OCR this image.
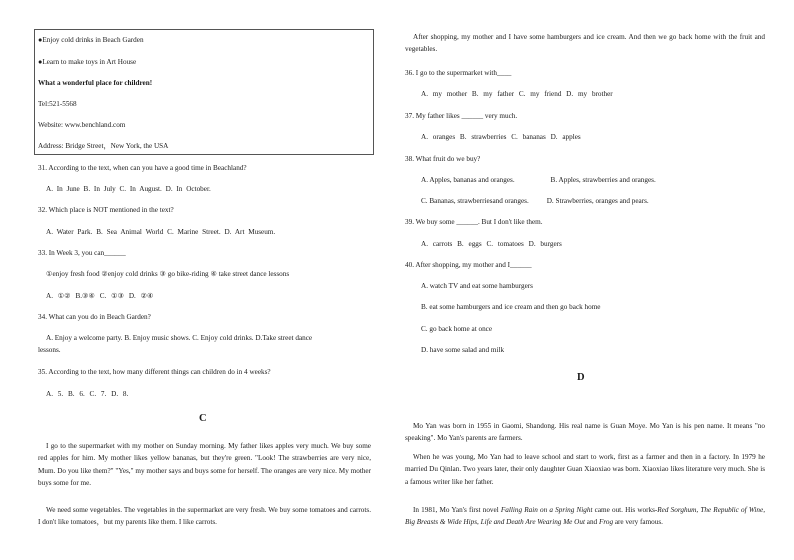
●Enjoy cold drinks in Beach Garden
●Learn to make toys in Art House
What a wonderful place for children!
Tel:521-5568
Website: www.benchland.com
Address: Bridge Street，New York, the USA
31. According to the text, when can you have a good time in Beachland?
A. In June B. In July C. In August. D. In October.
32. Which place is NOT mentioned in the text?
A. Water Park. B. Sea Animal World C. Marine Street. D. Art Museum.
33. In Week 3, you can______
①enjoy fresh food ②enjoy cold drinks ③ go bike-riding ④ take street dance lessons
A. ①② B.③④ C. ①③ D. ②④
34. What can you do in Beach Garden?
A. Enjoy a welcome party. B. Enjoy music shows. C. Enjoy cold drinks. D.Take street dance
lessons.
35. According to the text, how many different things can children do in 4 weeks?
A. 5. B. 6. C. 7. D. 8.
C
I go to the supermarket with my mother on Sunday morning. My father likes apples very much. We buy some red apples for him. My mother likes yellow bananas, but they're green. "Look! The strawberries are very nice, Mum. Do you like them?" "Yes," my mother says and buys some for herself. The oranges are very nice. My mother buys some for me.
We need some vegetables. The vegetables in the supermarket are very fresh. We buy some tomatoes and carrots. I don't like tomatoes，but my parents like them. I like carrots.
After shopping, my mother and I have some hamburgers and ice cream. And then we go back home with the fruit and vegetables.
36. I go to the supermarket with____
A. my mother B. my father C. my friend D. my brother
37. My father likes ______ very much.
A. oranges B. strawberries C. bananas D. apples
38. What fruit do we buy?
A. Apples, bananas and oranges.                    B. Apples, strawberries and oranges.
C. Bananas, strawberriesand oranges.          D. Strawberries, oranges and pears.
39. We buy some ______. But I don't like them.
A. carrots B. eggs C. tomatoes D. burgers
40. After shopping, my mother and I______
A. watch TV and eat some hamburgers
B. eat some hamburgers and ice cream and then go back home
C. go back home at once
D. have some salad and milk
D
Mo Yan was born in 1955 in Gaomi, Shandong. His real name is Guan Moye. Mo Yan is his pen name. It means "no speaking". Mo Yan's parents are farmers.
When he was young, Mo Yan had to leave school and start to work, first as a farmer and then in a factory. In 1979 he married Du Qinlan. Two years later, their only daughter Guan Xiaoxiao was born. Xiaoxiao likes literature very much. She is a famous writer like her father.
In 1981, Mo Yan's first novel Falling Rain on a Spring Night came out. His works-Red Sorghum, The Republic of Wine, Big Breasts & Wide Hips, Life and Death Are Wearing Me Out and Frog are very famous.
